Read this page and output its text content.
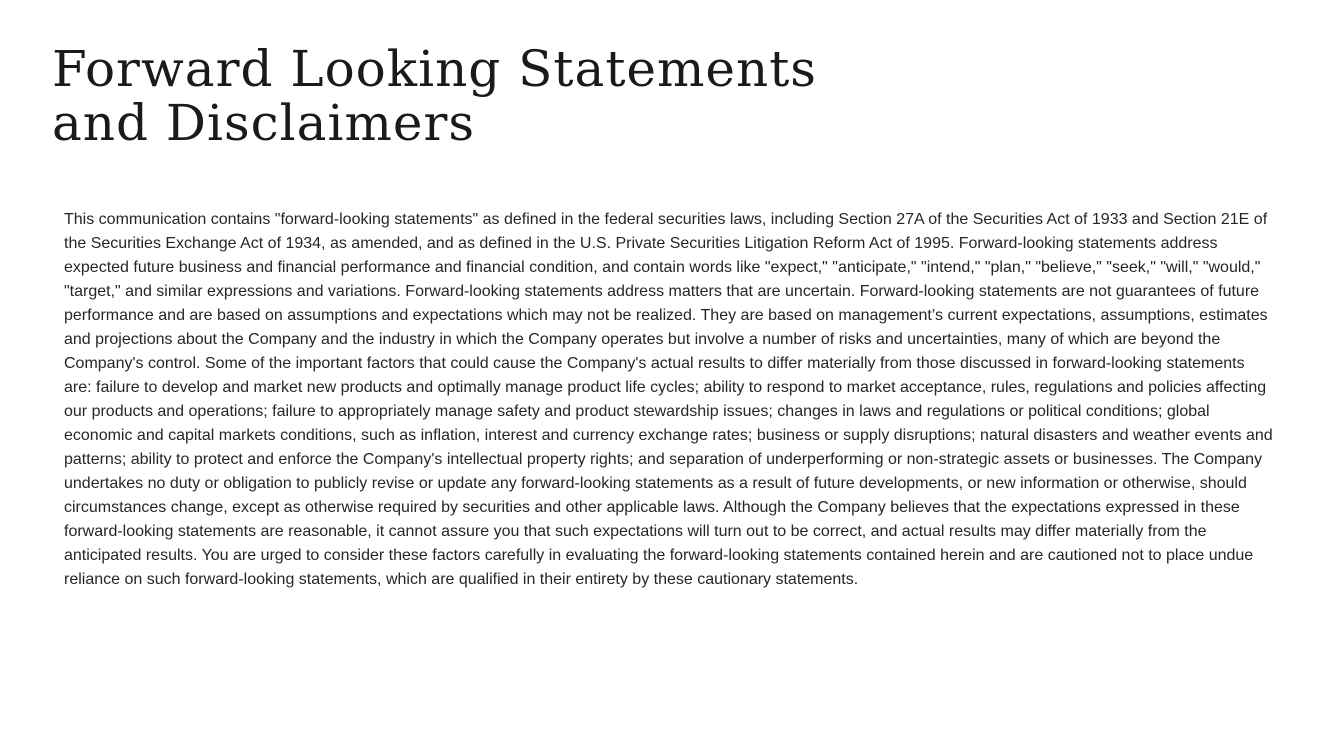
Forward Looking Statements
and Disclaimers

This communication contains "forward-looking statements" as defined in the federal securities laws, including Section 27A of the Securities Act of 1933 and Section 21E of the Securities Exchange Act of 1934, as amended, and as defined in the U.S. Private Securities Litigation Reform Act of 1995. Forward-looking statements address expected future business and financial performance and financial condition, and contain words like "expect," "anticipate," "intend," "plan," "believe," "seek," "will," "would," "target," and similar expressions and variations. Forward-looking statements address matters that are uncertain. Forward-looking statements are not guarantees of future performance and are based on assumptions and expectations which may not be realized. They are based on management’s current expectations, assumptions, estimates and projections about the Company and the industry in which the Company operates but involve a number of risks and uncertainties, many of which are beyond the Company's control. Some of the important factors that could cause the Company's actual results to differ materially from those discussed in forward-looking statements are: failure to develop and market new products and optimally manage product life cycles; ability to respond to market acceptance, rules, regulations and policies affecting our products and operations; failure to appropriately manage safety and product stewardship issues; changes in laws and regulations or political conditions; global economic and capital markets conditions, such as inflation, interest and currency exchange rates; business or supply disruptions; natural disasters and weather events and patterns; ability to protect and enforce the Company's intellectual property rights; and separation of underperforming or non-strategic assets or businesses. The Company undertakes no duty or obligation to publicly revise or update any forward-looking statements as a result of future developments, or new information or otherwise, should circumstances change, except as otherwise required by securities and other applicable laws. Although the Company believes that the expectations expressed in these forward-looking statements are reasonable, it cannot assure you that such expectations will turn out to be correct, and actual results may differ materially from the anticipated results. You are urged to consider these factors carefully in evaluating the forward-looking statements contained herein and are cautioned not to place undue reliance on such forward-looking statements, which are qualified in their entirety by these cautionary statements.
